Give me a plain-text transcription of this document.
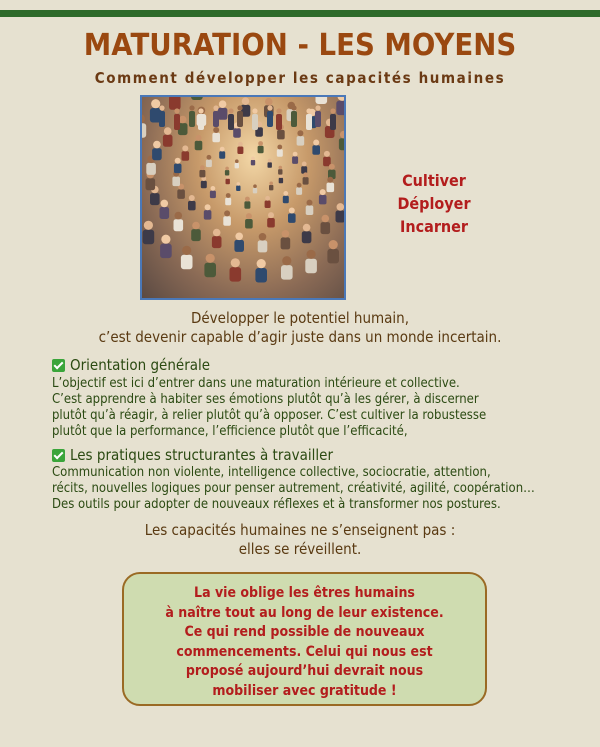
MATURATION - LES MOYENS
Comment développer les capacités humaines
Cultiver
Déployer
Incarner
Développer le potentiel humain,
c’est devenir capable d’agir juste dans un monde incertain.
Orientation générale
L’objectif est ici d’entrer dans une maturation intérieure et collective.
C’est apprendre à habiter ses émotions plutôt qu’à les gérer, à discerner
plutôt qu’à réagir, à relier plutôt qu’à opposer. C’est cultiver la robustesse
plutôt que la performance, l’efficience plutôt que l’efficacité,
Les pratiques structurantes à travailler
Communication non violente, intelligence collective, sociocratie, attention,
récits, nouvelles logiques pour penser autrement, créativité, agilité, coopération…
Des outils pour adopter de nouveaux réflexes et à transformer nos postures.
Les capacités humaines ne s’enseignent pas :
elles se réveillent.
La vie oblige les êtres humains
à naître tout au long de leur existence.
Ce qui rend possible de nouveaux
commencements. Celui qui nous est
proposé aujourd’hui devrait nous
mobiliser avec gratitude !
